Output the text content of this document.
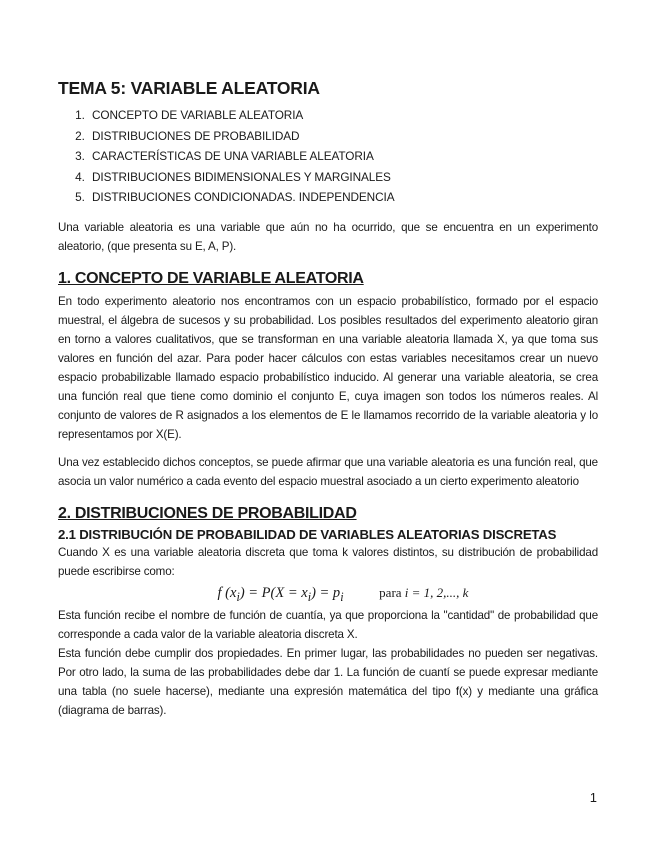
TEMA 5: VARIABLE ALEATORIA
1. CONCEPTO DE VARIABLE ALEATORIA
2. DISTRIBUCIONES DE PROBABILIDAD
3. CARACTERÍSTICAS DE UNA VARIABLE ALEATORIA
4. DISTRIBUCIONES BIDIMENSIONALES Y MARGINALES
5. DISTRIBUCIONES CONDICIONADAS. INDEPENDENCIA

Una variable aleatoria es una variable que aún no ha ocurrido, que se encuentra en un experimento aleatorio, (que presenta su E, A, P).

1. CONCEPTO DE VARIABLE ALEATORIA

En todo experimento aleatorio nos encontramos con un espacio probabilístico, formado por el espacio muestral, el álgebra de sucesos y su probabilidad. Los posibles resultados del experimento aleatorio giran en torno a valores cualitativos, que se transforman en una variable aleatoria llamada X, ya que toma sus valores en función del azar. Para poder hacer cálculos con estas variables necesitamos crear un nuevo espacio probabilizable llamado espacio probabilístico inducido. Al generar una variable aleatoria, se crea una función real que tiene como dominio el conjunto E, cuya imagen son todos los números reales. Al conjunto de valores de R asignados a los elementos de E le llamamos recorrido de la variable aleatoria y lo representamos por X(E).

Una vez establecido dichos conceptos, se puede afirmar que una variable aleatoria es una función real, que asocia un valor numérico a cada evento del espacio muestral asociado a un cierto experimento aleatorio

2. DISTRIBUCIONES DE PROBABILIDAD
2.1 DISTRIBUCIÓN DE PROBABILIDAD DE VARIABLES ALEATORIAS DISCRETAS

Cuando X es una variable aleatoria discreta que toma k valores distintos, su distribución de probabilidad puede escribirse como:

f $(x_i) = P(X = x_i) = p_i$	para i = 1, 2,..., k

Esta función recibe el nombre de función de cuantía, ya que proporciona la "cantidad" de probabilidad que corresponde a cada valor de la variable aleatoria discreta X.

Esta función debe cumplir dos propiedades. En primer lugar, las probabilidades no pueden ser negativas. Por otro lado, la suma de las probabilidades debe dar 1. La función de cuantí se puede expresar mediante una tabla (no suele hacerse), mediante una expresión matemática del tipo f(x) y mediante una gráfica (diagrama de barras).

1
